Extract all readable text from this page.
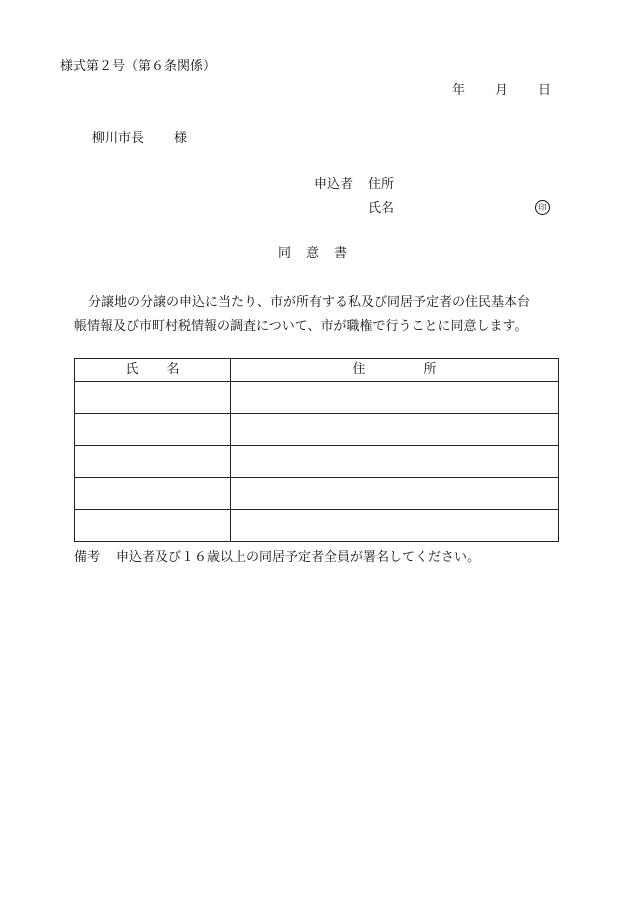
様式第２号（第６条関係）
年 月 日
柳川市長 様
申込者 住所
氏名	印
同意書
分譲地の分譲の申込に当たり、市が所有する私及び同居予定者の住民基本台
帳情報及び市町村税情報の調査について、市が職権で行うことに同意します。
氏名	住所

備考 申込者及び１６歳以上の同居予定者全員が署名してください。
